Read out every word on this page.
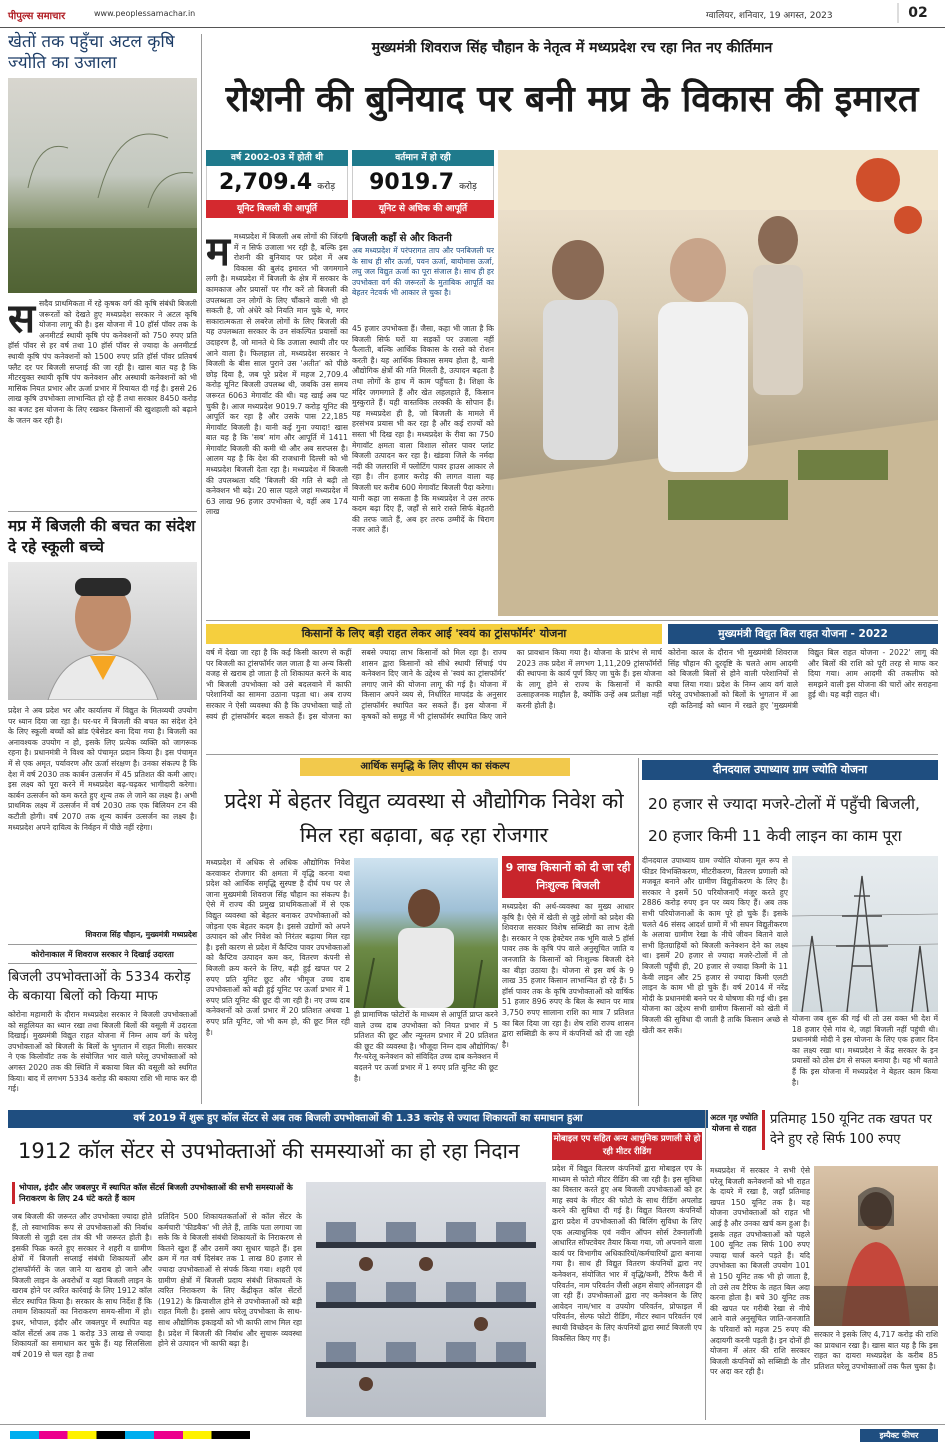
पीपुल्स समाचार	www.peoplessamachar.in	ग्वालियर, शनिवार, 19 अगस्त, 2023	02
खेतों तक पहुँचा अटल कृषि ज्योति का उजाला
स सदैव प्राथमिकता में रहे कृषक वर्ग की कृषि संबंधी बिजली जरूरतों को देखते हुए मध्यप्रदेश सरकार ने अटल कृषि योजना लागू की है। इस योजना में 10 हॉर्स पॉवर तक के अनमीटर्ड स्थायी कृषि पंप कनेक्शनों को 750 रुपए प्रति हॉर्स पॉवर से हर वर्ष तथा 10 हॉर्स पॉवर से ज्यादा के अनमीटर्ड स्थायी कृषि पंप कनेक्शनों को 1500 रुपए प्रति हॉर्स पॉवर प्रतिवर्ष फ्लैट दर पर बिजली सप्लाई की जा रही है। खास बात यह है कि मीटरयुक्त स्थायी कृषि पंप कनेक्शन और अस्थायी कनेक्शनों को भी मासिक नियत प्रभार और ऊर्जा प्रभार में रियायत दी गई है। इससे 26 लाख कृषि उपभोक्ता लाभान्वित हो रहे हैं तथा सरकार 8450 करोड़ का बजट इस योजना के लिए रखकर किसानों की खुशहाली को बढ़ाने के जतन कर रही है।
मप्र में बिजली की बचत का संदेश दे रहे स्कूली बच्चे
प्रदेश ने अब प्रदेश भर और कार्यालय में विद्युत के मितव्ययी उपयोग पर ध्यान दिया जा रहा है। घर-घर में बिजली की बचत का संदेश देने के लिए स्कूली बच्चों को ब्रांड एंबेसेडर बना दिया गया है। बिजली का अनावश्यक उपयोग न हो, इसके लिए प्रत्येक व्यक्ति को जागरूक रहना है। प्रधानमंत्री ने विश्व को पंचामृत प्रदान किया है। इस पंचामृत में से एक अमृत, पर्यावरण और ऊर्जा संरक्षण है। उनका संकल्प है कि देश में वर्ष 2030 तक कार्बन उत्सर्जन में 45 प्रतिशत की कमी आए। इस लक्ष्य को पूरा करने में मध्यप्रदेश बढ़-चढ़कर भागीदारी करेगा। कार्बन उत्सर्जन को कम करते हुए शून्य तक ले जाने का लक्ष्य है। अभी प्राथमिक लक्ष्य में उत्सर्जन में वर्ष 2030 तक एक बिलियन टन की कटौती होगी। वर्ष 2070 तक शून्य कार्बन उत्सर्जन का लक्ष्य है। मध्यप्रदेश अपने दायित्व के निर्वहन में पीछे नहीं रहेगा।
शिवराज सिंह चौहान, मुख्यमंत्री मध्यप्रदेश
कोरोनाकाल में शिवराज सरकार ने दिखाई उदारता
बिजली उपभोक्ताओं के 5334 करोड़ के बकाया बिलों को किया माफ
कोरोना महामारी के दौरान मध्यप्रदेश सरकार ने बिजली उपभोक्ताओं को सहूलियत का ध्यान रखा तथा बिजली बिलों की वसूली में उदारता दिखाई। मुख्यमंत्री विद्युत राहत योजना में निम्न आय वर्ग के घरेलू उपभोक्ताओं को बिजली के बिलों के भुगतान में राहत मिली। सरकार ने एक किलोवॉट तक के संयोजित भार वाले घरेलू उपभोक्ताओं को अगस्त 2020 तक की स्थिति में बकाया बिल की वसूली को स्थगित किया। बाद में लगभग 5334 करोड़ की बकाया राशि भी माफ कर दी गई।
मुख्यमंत्री शिवराज सिंह चौहान के नेतृत्व में मध्यप्रदेश रच रहा नित नए कीर्तिमान
रोशनी की बुनियाद पर बनी मप्र के विकास की इमारत
वर्ष 2002-03 में होती थी
2,709.4 करोड़
यूनिट बिजली की आपूर्ति
वर्तमान में हो रही
9019.7 करोड़
यूनिट से अधिक की आपूर्ति
ममध्यप्रदेश में बिजली अब लोगों की जिंदगी में न सिर्फ उजाला भर रही है, बल्कि इस रोशनी की बुनियाद पर प्रदेश में अब विकास की बुलंद इमारत भी जगमगाने लगी है। मध्यप्रदेश में बिजली के क्षेत्र में सरकार के कामकाज और प्रयासों पर गौर करें तो बिजली की उपलब्धता उन लोगों के लिए चौंकाने वाली भी हो सकती है, जो अंधेरे को नियति मान चुके थे, मगर सकारात्मकता से लबरेज लोगों के लिए बिजली की यह उपलब्धता सरकार के उन संकल्पित प्रयासों का उदाहरण है, जो मानते थे कि उजाला स्थायी तौर पर आने वाला है। फिलहाल तो, मध्यप्रदेश सरकार ने बिजली के बीस साल पुराने उस 'अतीत' को पीछे छोड़ दिया है, जब पूरे प्रदेश में महज 2,709.4 करोड़ यूनिट बिजली उपलब्ध थी, जबकि उस समय जरूरत 6063 मेगावॉट की थी। यह खाई अब पट चुकी है। आज मध्यप्रदेश 9019.7 करोड़ यूनिट की आपूर्ति कर रहा है और उसके पास 22,185 मेगावॉट बिजली है। यानी कई गुना ज्यादा! खास बात यह है कि 'सब' मांग और आपूर्ति में 1411 मेगावॉट बिजली की कमी थी और अब सरप्लस है। आलम यह है कि देश की राजधानी दिल्ली को भी मध्यप्रदेश बिजली देता रहा है। मध्यप्रदेश में बिजली की उपलब्धता यदि 'बिजली की गति से बढ़ी तो कनेक्शन भी बढ़े। 20 साल पहले जहां मध्यप्रदेश में 63 लाख 96 हजार उपभोक्ता थे, वहीं अब 174 लाख
बिजली कहाँ से और कितनी
अब मध्यप्रदेश में परंपरागत ताप और पनबिजली घर के साथ ही सौर ऊर्जा, पवन ऊर्जा, बायोमास ऊर्जा, लघु जल विद्युत ऊर्जा का पूरा संजाल है। साथ ही हर उपभोक्ता वर्ग की जरूरतों के मुताबिक आपूर्ति का बेहतर नेटवर्क भी आकार ले चुका है।
45 हजार उपभोक्ता हैं। जैसा, कहा भी जाता है कि बिजली सिर्फ घरों या सड़कों पर उजाला नहीं फैलाती, बल्कि आर्थिक विकास के रास्ते को रोशन करती है। यह आर्थिक विकास समय होता है, यानी औद्योगिक क्षेत्रों की गति मिलती है, उत्पादन बढ़ता है तथा लोगों के हाथ में काम पहुँचता है। शिक्षा के मंदिर जगमगाते हैं और खेत लहलहाते हैं, किसान मुस्कुराते हैं। यही वास्तविक तरक्की के सोपान हैं। यह मध्यप्रदेश ही है, जो बिजली के मामले में हरसंभव प्रयास भी कर रहा है और कई राज्यों को सस्ता भी दिख रहा है। मध्यप्रदेश के रीवा का 750 मेगावॉट क्षमता वाला विशाल सोलर पावर प्लांट बिजली उत्पादन कर रहा है। खंडवा जिले के नर्मदा नदी की जलराशि में फ्लोटिंग पावर हाउस आकार ले रहा है। तीन हजार करोड़ की लागत वाला यह बिजली घर करीब 600 मेगावॉट बिजली पैदा करेगा। यानी कहा जा सकता है कि मध्यप्रदेश ने उस तरफ कदम बढ़ा दिए हैं, जहाँ से सारे रास्ते सिर्फ बेहतरी की तरफ जाते हैं, अब हर तरफ उम्मीदें के चिराग नजर आते हैं।
किसानों के लिए बड़ी राहत लेकर आई 'स्वयं का ट्रांसफॉर्मर' योजना
वर्ष में देखा जा रहा है कि कई किसी कारण से कहीं पर बिजली का ट्रांसफॉर्मर जल जाता है या अन्य किसी वजह से खराब हो जाता है तो शिकायत करने के बाद भी बिजली उपभोक्ता को उसे बदलवाने में काफी परेशानियों का सामना उठाना पड़ता था। अब राज्य सरकार ने ऐसी व्यवस्था की है कि उपभोक्ता चाहें तो स्वयं ही ट्रांसफॉर्मर बदल सकते हैं। इस योजना का सबसे ज्यादा लाभ किसानों को मिल रहा है। राज्य शासन द्वारा किसानों को सीधे स्थायी सिंचाई पंप कनेक्शन दिए जाने के उद्देश्य से 'स्वयं का ट्रांसफॉर्मर' लगाए जाने की योजना लागू की गई है। योजना में किसान अपने व्यय से, निर्धारित मापदंड के अनुसार ट्रांसफॉर्मर स्थापित कर सकते हैं। इस योजना में कृषकों को समूह में भी ट्रांसफॉर्मर स्थापित किए जाने का प्रावधान किया गया है। योजना के प्रारंभ से मार्च 2023 तक प्रदेश में लगभग 1,11,209 ट्रांसफॉर्मरों की स्थापना के कार्य पूर्ण किए जा चुके हैं। इस योजना के लागू होने से राज्य के किसानों में काफी उत्साहजनक माहौल है, क्योंकि उन्हें अब प्रतीक्षा नहीं करनी होती है।
मुख्यमंत्री विद्युत बिल राहत योजना - 2022
कोरोना काल के दौरान भी मुख्यमंत्री शिवराज सिंह चौहान की दूरदृष्टि के चलते आम आदमी को बिजली बिलों से होने वाली परेशानियों से बचा लिया गया। प्रदेश के निम्न आय वर्ग वाले घरेलू उपभोक्ताओं को बिलों के भुगतान में आ रही कठिनाई को ध्यान में रखते हुए 'मुख्यमंत्री विद्युत बिल राहत योजना - 2022' लागू की और बिलों की राशि को पूरी तरह से माफ कर दिया गया। आम आदमी की तकलीफ को समझने वाली इस योजना की चारों ओर सराहना हुई थी। यह बड़ी राहत थी।
आर्थिक समृद्धि के लिए सीएम का संकल्प
प्रदेश में बेहतर विद्युत व्यवस्था से औद्योगिक निवेश को मिल रहा बढ़ावा, बढ़ रहा रोजगार
मध्यप्रदेश में अधिक से अधिक औद्योगिक निवेश करवाकर रोजगार की क्षमता में वृद्धि करना यथा प्रदेश को आर्थिक समृद्धि सुस्पष्ट है दीर्घ पथ पर ले जाना मुख्यमंत्री शिवराज सिंह चौहान का संकल्प है। ऐसे में राज्य की प्रमुख प्राथमिकताओं में से एक विद्युत व्यवस्था को बेहतर बनाकर उपभोक्ताओं को जोड़ना एक बेहतर कदम है। इससे उद्योगों को अपने उत्पादन को और निवेश को निरंतर बढ़ाया मिल रहा है। इसी कारण से प्रदेश में कैप्टिव पावर उपभोक्ताओं को कैप्टिव उत्पादन कम कर, वितरण कंपनी से बिजली क्रय करने के लिए, बढ़ी हुई खपत पर 2 रुपए प्रति यूनिट छूट और भीमूज उच्च दाब उपभोक्ताओं को बढ़ी हुई यूनिट पर ऊर्जा प्रभार में 1 रुपए प्रति यूनिट की छूट दी जा रही है। नए उच्च दाब कनेक्शनों को ऊर्जा प्रभार में 20 प्रतिशत अथवा 1 रुपए प्रति यूनिट, जो भी कम हो, की छूट मिल रही है।
ही प्रामाणिक फोटोरों के माध्यम से आपूर्ति प्राप्त करने वाले उच्च दाब उपभोक्ता को नियत प्रभार में 5 प्रतिशत की छूट और न्यूनतम प्रभार में 20 प्रतिशत की छूट की व्यवस्था है। भौजूदा निम्न दाब औद्योगिक/गैर-घरेलू कनेक्शन को संविदित उच्च दाब कनेक्शन में बदलने पर ऊर्जा प्रभार में 1 रुपए प्रति यूनिट की छूट है।
9 लाख किसानों को दी जा रही निःशुल्क बिजली
मध्यप्रदेश की अर्थ-व्यवस्था का मुख्य आधार कृषि है। ऐसे में खेती से जुड़े लोगों को प्रदेश की शिवराज सरकार विशेष सब्सिडी का लाभ देती है। सरकार ने एक हेक्टेयर तक भूमि वाले 5 हॉर्स पावर तक के कृषि पंप वाले अनुसूचित जाति व जनजाति के किसानों को निःशुल्क बिजली देने का बीड़ा उठाया है। योजना से इस वर्ष के 9 लाख 35 हजार किसान लाभान्वित हो रहे हैं। 5 हॉर्स पावर तक के कृषि उपभोक्ताओं को वार्षिक 51 हजार 896 रुपए के बिल के स्थान पर मात्र 3,750 रुपए सालाना राशि का मात्र 7 प्रतिशत का बिल दिया जा रहा है। शेष राशि राज्य शासन द्वारा सब्सिडी के रूप में कंपनियों को दी जा रही है।
दीनदयाल उपाध्याय ग्राम ज्योति योजना
20 हजार से ज्यादा मजरे-टोलों में पहुँची बिजली, 20 हजार किमी 11 केवी लाइन का काम पूरा
दीनदयाल उपाध्याय ग्राम ज्योति योजना मूल रूप से फीडर विभक्तिकरण, मीटरीकरण, वितरण प्रणाली को मजबूत बनाने और ग्रामीण विद्युतीकरण के लिए है। सरकार ने इसमें 50 परियोजनाएँ मंजूर करते हुए 2886 करोड़ रुपए इन पर व्यय किए हैं। अब तक सभी परियोजनाओं के काम पूरे हो चुके हैं। इसके चलते 46 संसद आदर्श ग्रामों में भी सघन विद्युतीकरण के अलावा ग्रामीण रेखा के नीचे जीवन बिताने वाले सभी हितग्राहियों को बिजली कनेक्शन देने का लक्ष्य था। इसमें 20 हजार से ज्यादा मजरे-टोलों में तो बिजली पहुँची ही, 20 हजार से ज्यादा किमी के 11 केवी लाइन और 25 हजार से ज्यादा किमी एलटी लाइन के काम भी हो चुके हैं। वर्ष 2014 में नरेंद्र मोदी के प्रधानमंत्री बनने पर ये घोषणा की गई थी। इस योजना का उद्देश्य सभी ग्रामीण किसानों को खेती में बिजली की सुविधा दी जाती है ताकि किसान अच्छे से खेती कर सकें।
योजना जब शुरू की गई थी तो उस वक्त भी देश में 18 हजार ऐसे गांव थे, जहां बिजली नहीं पहुंची थी। प्रधानमंत्री मोदी ने इस योजना के लिए एक हजार दिन का लक्ष्य रखा था। मध्यप्रदेश ने केंद्र सरकार के इन प्रयासों को ठोस ढंग से सफल बनाया है। यह भी बताते हैं कि इस योजना में मध्यप्रदेश ने बेहतर काम किया है।
वर्ष 2019 में शुरू हुए कॉल सेंटर से अब तक बिजली उपभोक्ताओं की 1.33 करोड़ से ज्यादा शिकायतों का समाधान हुआ
1912 कॉल सेंटर से उपभोक्ताओं की समस्याओं का हो रहा निदान
भोपाल, इंदौर और जबलपुर में स्थापित कॉल सेंटर्स बिजली उपभोक्ताओं की सभी समस्याओं के निराकरण के लिए 24 घंटे करते हैं काम
जब बिजली की जरूरत और उपभोक्ता ज्यादा होते हैं, तो स्वाभाविक रूप से उपभोक्ताओं की निर्बाध बिजली से जुड़ी दस तंत्र की भी जरूरत होती है। इसकी फिक्र करते हुए सरकार ने शहरी व ग्रामीण क्षेत्रों में बिजली सप्लाई संबंधी शिकायतों और ट्रांसफॉर्मरों के जल जाने या खराब हो जाने और बिजली लाइन के अवरोधों व यहां बिजली लाइन के खराब होने पर त्वरित कार्रवाई के लिए 1912 कॉल सेंटर स्थापित किया है। सरकार के साथ निर्देश हैं कि तमाम शिकायतों का निराकरण समय-सीमा में हो। इधर, भोपाल, इंदौर और जबलपुर में स्थापित यह कॉल सेंटर्स अब तक 1 करोड़ 33 लाख से ज्यादा शिकायतों का समाधान कर चुके हैं। यह सिलसिला वर्ष 2019 से चल रहा है तथा
प्रतिदिन 500 शिकायतकर्ताओं से कॉल सेंटर के कर्मचारी 'फीडबैक' भी लेते हैं, ताकि पता लगाया जा सके कि वे बिजली संबंधी शिकायतों के निराकरण से कितने खुश हैं और उसमें क्या सुधार चाहते हैं। इस क्रम में गत वर्ष दिसंबर तक 1 लाख 80 हजार से ज्यादा उपभोक्ताओं से संपर्क किया गया। शहरी एवं ग्रामीण क्षेत्रों में बिजली प्रदाय संबंधी शिकायतों के त्वरित निराकरण के लिए केंद्रीकृत कॉल सेंटरों (1912) के क्रियाशील होने से उपभोक्ताओं को बड़ी राहत मिली है। इससे आप घरेलू उपभोक्ता के साथ-साथ औद्योगिक इकाइयों को भी काफी लाभ मिल रहा है। प्रदेश में बिजली की निर्बाध और सुचारू व्यवस्था होने से उत्पादन भी काफी बढ़ा है।
मोबाइल एप सहित अन्य आधुनिक प्रणाली से हो रही मीटर रीडिंग
प्रदेश में विद्युत वितरण कंपनियों द्वारा मोबाइल एप के माध्यम से फोटो मीटर रीडिंग की जा रही है। इस सुविधा का विस्तार करते हुए अब बिजली उपभोक्ताओं को हर माह स्वयं के मीटर की फोटो के साथ रीडिंग अपलोड करने की सुविधा दी गई है। विद्युत वितरण कंपनियों द्वारा प्रदेश में उपभोक्ताओं की बिलिंग सुविधा के लिए एक अत्याधुनिक एवं नवीन ऑपन सोर्स टेक्नालॉजी आधारित सॉफ्टवेयर तैयार किया गया, जो अपनाने वाला कार्य पर विभागीय अधिकारियों/कर्मचारियों द्वारा बनाया गया है। साथ ही विद्युत वितरण कंपनियों द्वारा नए कनेक्शन, संयोजित भार में वृद्धि/कमी, टैरिफ कैरी में परिवर्तन, नाम परिवर्तन जैसी अहम सेवाएं ऑनलाइन दी जा रही हैं। उपभोक्ताओं द्वारा नए कनेक्शन के लिए आवेदन नाम/भार व उपयोग परिवर्तन, प्रोफाइल में परिवर्तन, सेल्फ फोटो रीडिंग, मीटर स्थान परिवर्तन एवं स्थायी विच्छेदन के लिए कंपनियों द्वारा स्मार्ट बिजली एप विकसित किए गए हैं।
अटल गृह ज्योति योजना से राहत
प्रतिमाह 150 यूनिट तक खपत पर देने हुए रहे सिर्फ 100 रुपए
मध्यप्रदेश में सरकार ने सभी ऐसे घरेलू बिजली कनेक्शनों को भी राहत के दायरे में रखा है, जहाँ प्रतिमाह खपत 150 यूनिट तक है। यह योजना उपभोक्ताओं को राहत भी आई है और उनका खर्च कम हुआ है। इसके तहत उपभोक्ताओं को पहले 100 यूनिट तक सिर्फ 100 रुपए ज्यादा चार्ज करने पड़ते हैं। यदि उपभोक्ता का बिजली उपयोग 101 से 150 यूनिट तक भी हो जाता है, तो उसे तय टैरिफ के तहत बिल अदा करना होता है। बचे 30 यूनिट तक की खपत पर गरीबी रेखा से नीचे आने वाले अनुसूचित जाति-जनजाति के परिवारों को महज 25 रुपए की अदायगी करनी पड़ती है। इन दोनों ही योजना में अंतर की राशि सरकार बिजली कंपनियों को सब्सिडी के तौर पर अदा कर रही है।
सरकार ने इसके लिए 4,717 करोड़ की राशि का प्रावधान रखा है। खास बात यह है कि इस राहत का दायरा मध्यप्रदेश के करीब 85 प्रतिशत घरेलू उपभोक्ताओं तक फैल चुका है।
इम्पैक्ट फीचर
